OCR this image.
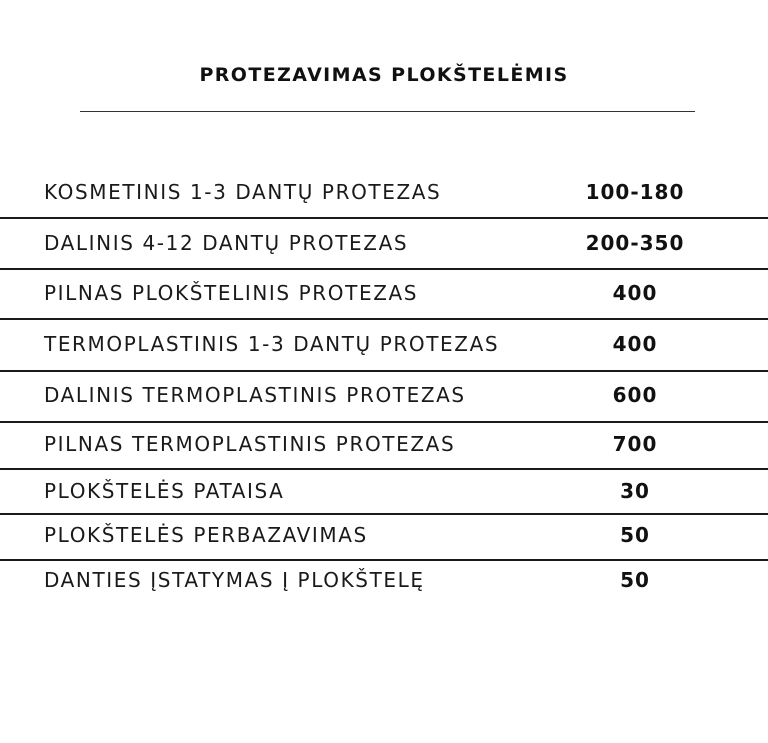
PROTEZAVIMAS PLOKŠTELĖMIS
KOSMETINIS 1-3 DANTŲ PROTEZAS	100-180
DALINIS 4-12 DANTŲ PROTEZAS	200-350
PILNAS PLOKŠTELINIS PROTEZAS	400
TERMOPLASTINIS 1-3 DANTŲ PROTEZAS	400
DALINIS TERMOPLASTINIS PROTEZAS	600
PILNAS TERMOPLASTINIS PROTEZAS	700
PLOKŠTELĖS PATAISA	30
PLOKŠTELĖS PERBAZAVIMAS	50
DANTIES ĮSTATYMAS Į PLOKŠTELĘ	50
